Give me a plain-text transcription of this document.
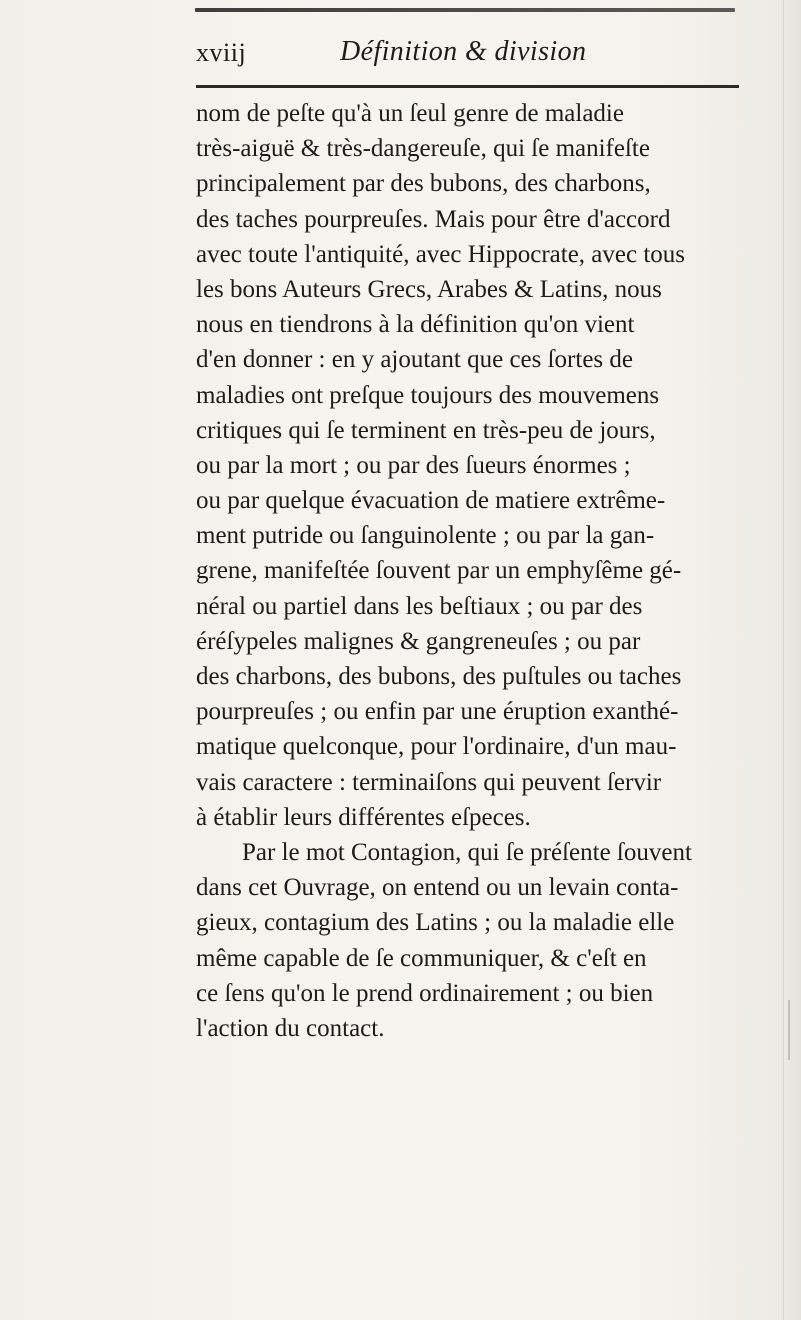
xviij	Définition & division
nom de peſte qu'à un ſeul genre de maladie
très-aiguë & très-dangereuſe, qui ſe manifeſte
principalement par des bubons, des charbons,
des taches pourpreuſes. Mais pour être d'accord
avec toute l'antiquité, avec Hippocrate, avec tous
les bons Auteurs Grecs, Arabes & Latins, nous
nous en tiendrons à la définition qu'on vient
d'en donner : en y ajoutant que ces ſortes de
maladies ont preſque toujours des mouvemens
critiques qui ſe terminent en très-peu de jours,
ou par la mort ; ou par des ſueurs énormes ;
ou par quelque évacuation de matiere extrême-
ment putride ou ſanguinolente ; ou par la gan-
grene, manifeſtée ſouvent par un emphyſême gé-
néral ou partiel dans les beſtiaux ; ou par des
éréſypeles malignes & gangreneuſes ; ou par
des charbons, des bubons, des puſtules ou taches
pourpreuſes ; ou enfin par une éruption exanthé-
matique quelconque, pour l'ordinaire, d'un mau-
vais caractere : terminaiſons qui peuvent ſervir
à établir leurs différentes eſpeces.
Par le mot Contagion, qui ſe préſente ſouvent
dans cet Ouvrage, on entend ou un levain conta-
gieux, contagium des Latins ; ou la maladie elle
même capable de ſe communiquer, & c'eſt en
ce ſens qu'on le prend ordinairement ; ou bien
l'action du contact.
